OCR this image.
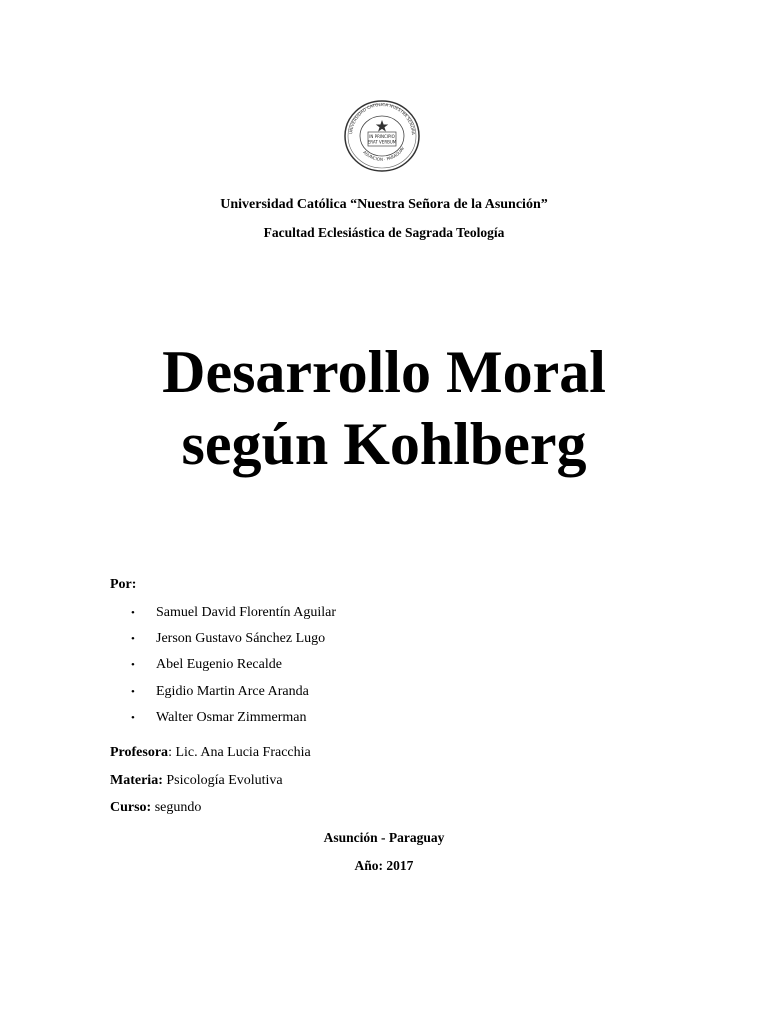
UNIVERSIDAD CATOLICA NUESTRA SEÑORA
ASUNCION · PARAGUAY
IN PRINCIPIO
ERAT VERBUM
Universidad Católica “Nuestra Señora de la Asunción”
Facultad Eclesiástica de Sagrada Teología
Desarrollo Moral
según Kohlberg
Por:
• Samuel David Florentín Aguilar
• Jerson Gustavo Sánchez Lugo
• Abel Eugenio Recalde
• Egidio Martin Arce Aranda
• Walter Osmar Zimmerman
Profesora: Lic. Ana Lucia Fracchia
Materia: Psicología Evolutiva
Curso: segundo
Asunción - Paraguay
Año: 2017
